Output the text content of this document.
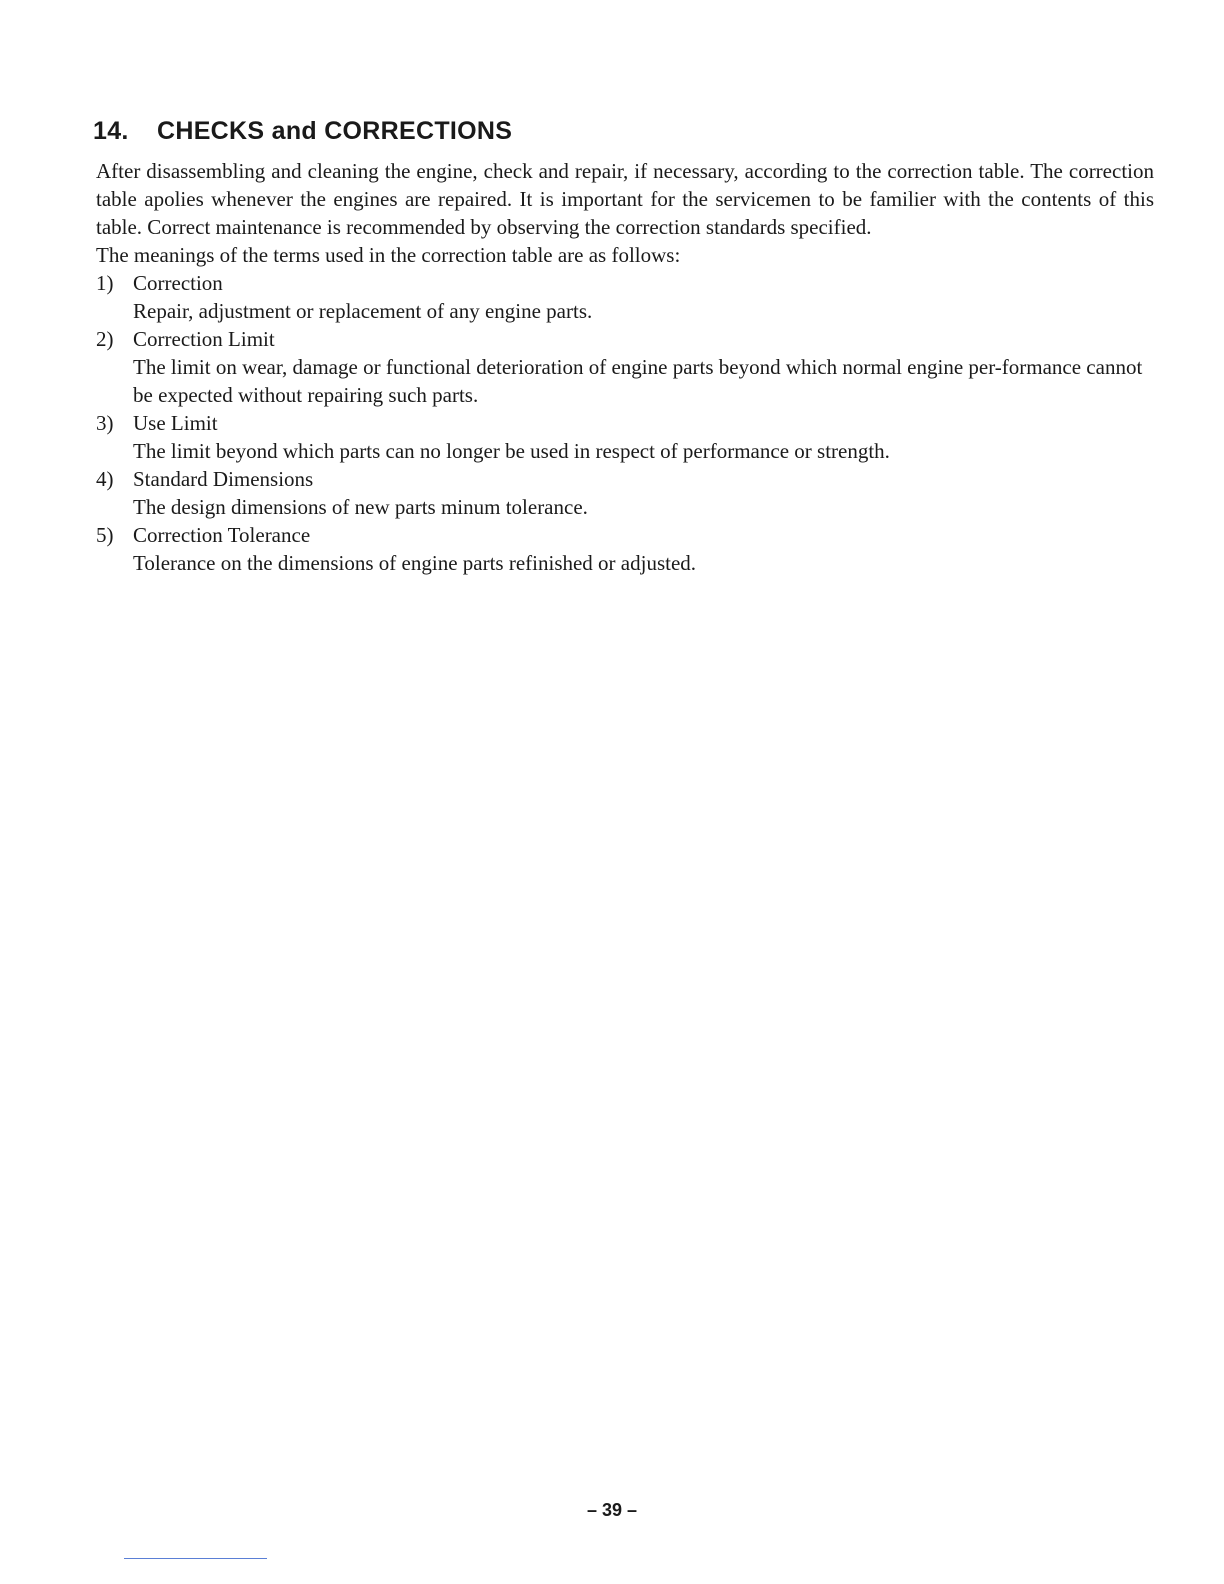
14. CHECKS and CORRECTIONS

After disassembling and cleaning the engine, check and repair, if necessary, according to the correction table. The correction table apolies whenever the engines are repaired. It is important for the servicemen to be familier with the contents of this table. Correct maintenance is recommended by observing the correction standards specified.

The meanings of the terms used in the correction table are as follows:

1) Correction
Repair, adjustment or replacement of any engine parts.
2) Correction Limit
The limit on wear, damage or functional deterioration of engine parts beyond which normal engine per-formance cannot be expected without repairing such parts.
3) Use Limit
The limit beyond which parts can no longer be used in respect of performance or strength.
4) Standard Dimensions
The design dimensions of new parts minum tolerance.
5) Correction Tolerance
Tolerance on the dimensions of engine parts refinished or adjusted.
– 39 –
